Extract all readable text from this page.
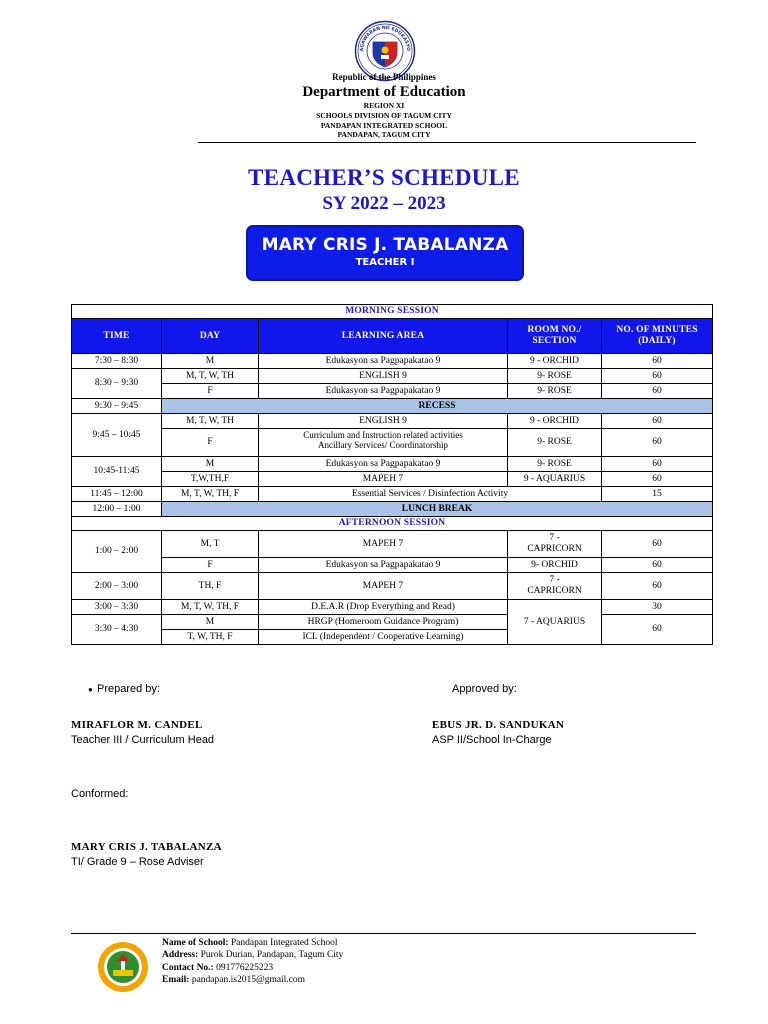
AGAWARAN NG EDUKASYO
Republic of the Philippines
Department of Education
REGION XI
SCHOOLS DIVISION OF TAGUM CITY
PANDAPAN INTEGRATED SCHOOL
PANDAPAN, TAGUM CITY
TEACHER’S SCHEDULE
SY 2022 – 2023
MARY CRIS J. TABALANZA
TEACHER I
MORNING SESSION				
TIME	DAY	LEARNING AREA	ROOM NO./ SECTION	NO. OF MINUTES (DAILY)
7:30 – 8:30	M	Edukasyon sa Pagpapakatao 9	9 - ORCHID	60
8:30 – 9:30	M, T, W, TH	ENGLISH 9	9- ROSE	60
	F	Edukasyon sa Pagpapakatao 9	9- ROSE	60
9:30 – 9:45	RECESS			
9:45 – 10:45	M, T, W, TH	ENGLISH 9	9 - ORCHID	60
	F	Curriculum and Instruction related activities
Ancillary Services/ Coordinatorship	9- ROSE	60
10:45-11:45	M	Edukasyon sa Pagpapakatao 9	9- ROSE	60
	T,W,TH,F	MAPEH 7	9 - AQUARIUS	60
11:45 – 12:00	M, T, W, TH, F	Essential Services / Disinfection Activity		15
12:00 – 1:00	LUNCH BREAK			
AFTERNOON SESSION				
1:00 – 2:00	M, T	MAPEH 7	7 -
CAPRICORN	60
	F	Edukasyon sa Pagpapakatao 9	9- ORCHID	60
2:00 – 3:00	TH, F	MAPEH 7	7 -
CAPRICORN	60
3:00 – 3:30	M, T, W, TH, F	D.E.A.R (Drop Everything and Read)	7 - AQUARIUS	30
3:30 – 4:30	M	HRGP (Homeroom Guidance Program)		60
	T, W, TH, F	ICL (Independent / Cooperative Learning)		
● Prepared by:	Approved by:
MIRAFLOR M. CANDEL
Teacher III / Curriculum Head
EBUS JR. D. SANDUKAN
ASP II/School In-Charge
Conformed:
MARY CRIS J. TABALANZA
TI/ Grade 9 – Rose Adviser
Name of School: Pandapan Integrated School
Address: Purok Durian, Pandapan, Tagum City
Contact No.: 091776225223
Email: pandapan.is2015@gmail.com
